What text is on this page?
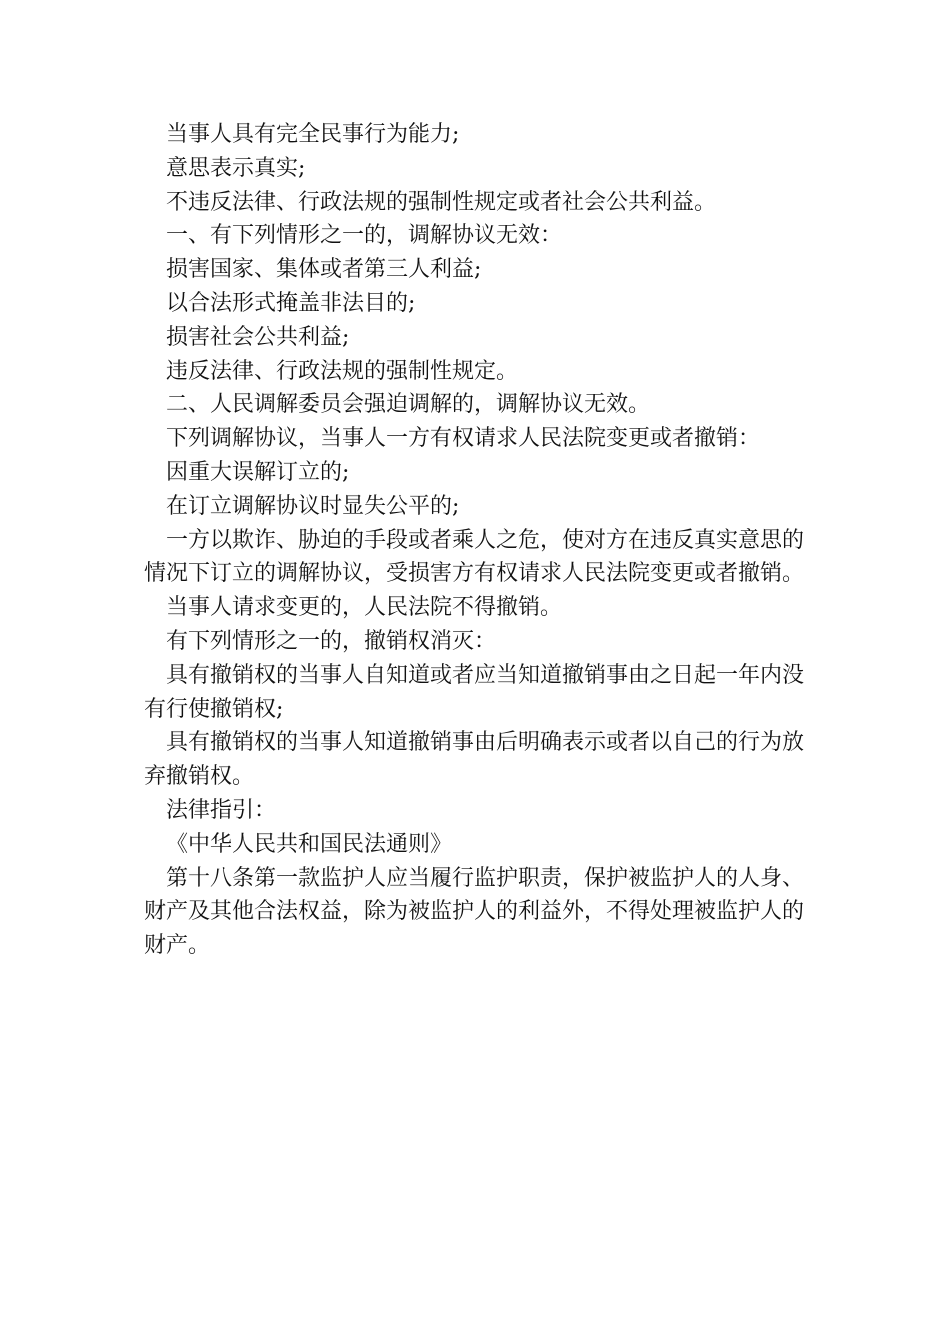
当事人具有完全民事行为能力;

意思表示真实;

不违反法律、行政法规的强制性规定或者社会公共利益。

一、有下列情形之一的，调解协议无效：

损害国家、集体或者第三人利益;

以合法形式掩盖非法目的;

损害社会公共利益;

违反法律、行政法规的强制性规定。

二、人民调解委员会强迫调解的，调解协议无效。

下列调解协议，当事人一方有权请求人民法院变更或者撤销：

因重大误解订立的;

在订立调解协议时显失公平的;

一方以欺诈、胁迫的手段或者乘人之危，使对方在违反真实意思的情况下订立的调解协议，受损害方有权请求人民法院变更或者撤销。

当事人请求变更的，人民法院不得撤销。

有下列情形之一的，撤销权消灭：

具有撤销权的当事人自知道或者应当知道撤销事由之日起一年内没有行使撤销权;

具有撤销权的当事人知道撤销事由后明确表示或者以自己的行为放弃撤销权。

法律指引：

《中华人民共和国民法通则》

第十八条第一款监护人应当履行监护职责，保护被监护人的人身、财产及其他合法权益，除为被监护人的利益外，不得处理被监护人的财产。
